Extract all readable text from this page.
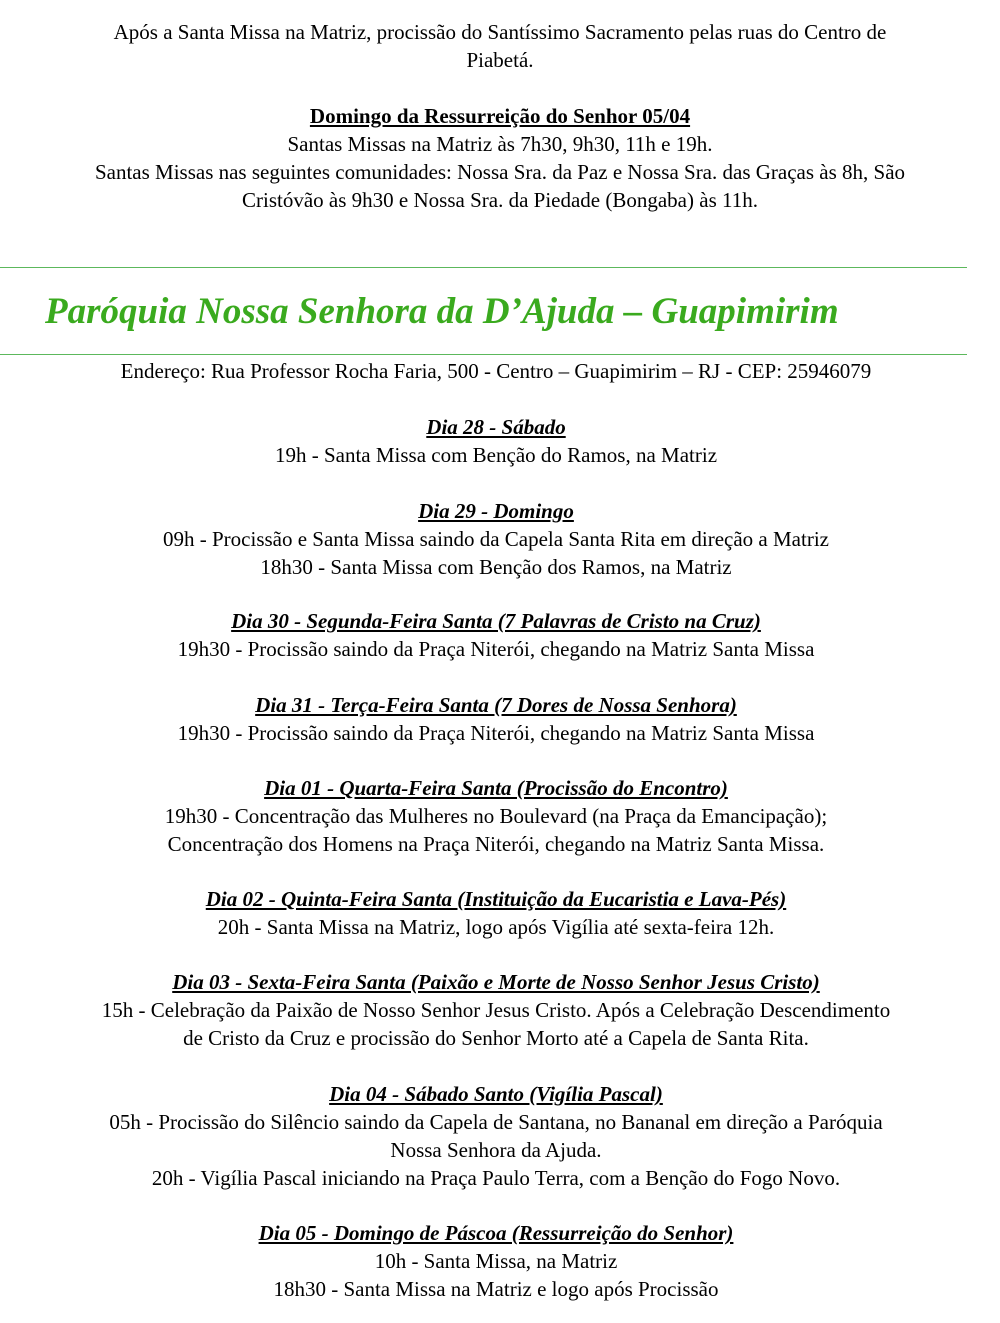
Após a Santa Missa na Matriz, procissão do Santíssimo Sacramento pelas ruas do Centro de

Piabetá.

Domingo da Ressurreição do Senhor 05/04

Santas Missas na Matriz às 7h30, 9h30, 11h e 19h.

Santas Missas nas seguintes comunidades: Nossa Sra. da Paz e Nossa Sra. das Graças às 8h, São

Cristóvão às 9h30 e Nossa Sra. da Piedade (Bongaba) às 11h.

Paróquia Nossa Senhora da D’Ajuda – Guapimirim

Endereço: Rua Professor Rocha Faria, 500 - Centro – Guapimirim – RJ - CEP: 25946079

Dia 28 - Sábado

19h - Santa Missa com Benção do Ramos, na Matriz

Dia 29 - Domingo

09h - Procissão e Santa Missa saindo da Capela Santa Rita em direção a Matriz

18h30 - Santa Missa com Benção dos Ramos, na Matriz

Dia 30 - Segunda-Feira Santa (7 Palavras de Cristo na Cruz)

19h30 - Procissão saindo da Praça Niterói, chegando na Matriz Santa Missa

Dia 31 - Terça-Feira Santa (7 Dores de Nossa Senhora)

19h30 - Procissão saindo da Praça Niterói, chegando na Matriz Santa Missa

Dia 01 - Quarta-Feira Santa (Procissão do Encontro)

19h30 - Concentração das Mulheres no Boulevard (na Praça da Emancipação);

Concentração dos Homens na Praça Niterói, chegando na Matriz Santa Missa.

Dia 02 - Quinta-Feira Santa (Instituição da Eucaristia e Lava-Pés)

20h - Santa Missa na Matriz, logo após Vigília até sexta-feira 12h.

Dia 03 - Sexta-Feira Santa (Paixão e Morte de Nosso Senhor Jesus Cristo)

15h - Celebração da Paixão de Nosso Senhor Jesus Cristo. Após a Celebração Descendimento

de Cristo da Cruz e procissão do Senhor Morto até a Capela de Santa Rita.

Dia 04 - Sábado Santo (Vigília Pascal)

05h - Procissão do Silêncio saindo da Capela de Santana, no Bananal em direção a Paróquia

Nossa Senhora da Ajuda.

20h - Vigília Pascal iniciando na Praça Paulo Terra, com a Benção do Fogo Novo.

Dia 05 - Domingo de Páscoa (Ressurreição do Senhor)

10h - Santa Missa, na Matriz

18h30 - Santa Missa na Matriz e logo após Procissão
